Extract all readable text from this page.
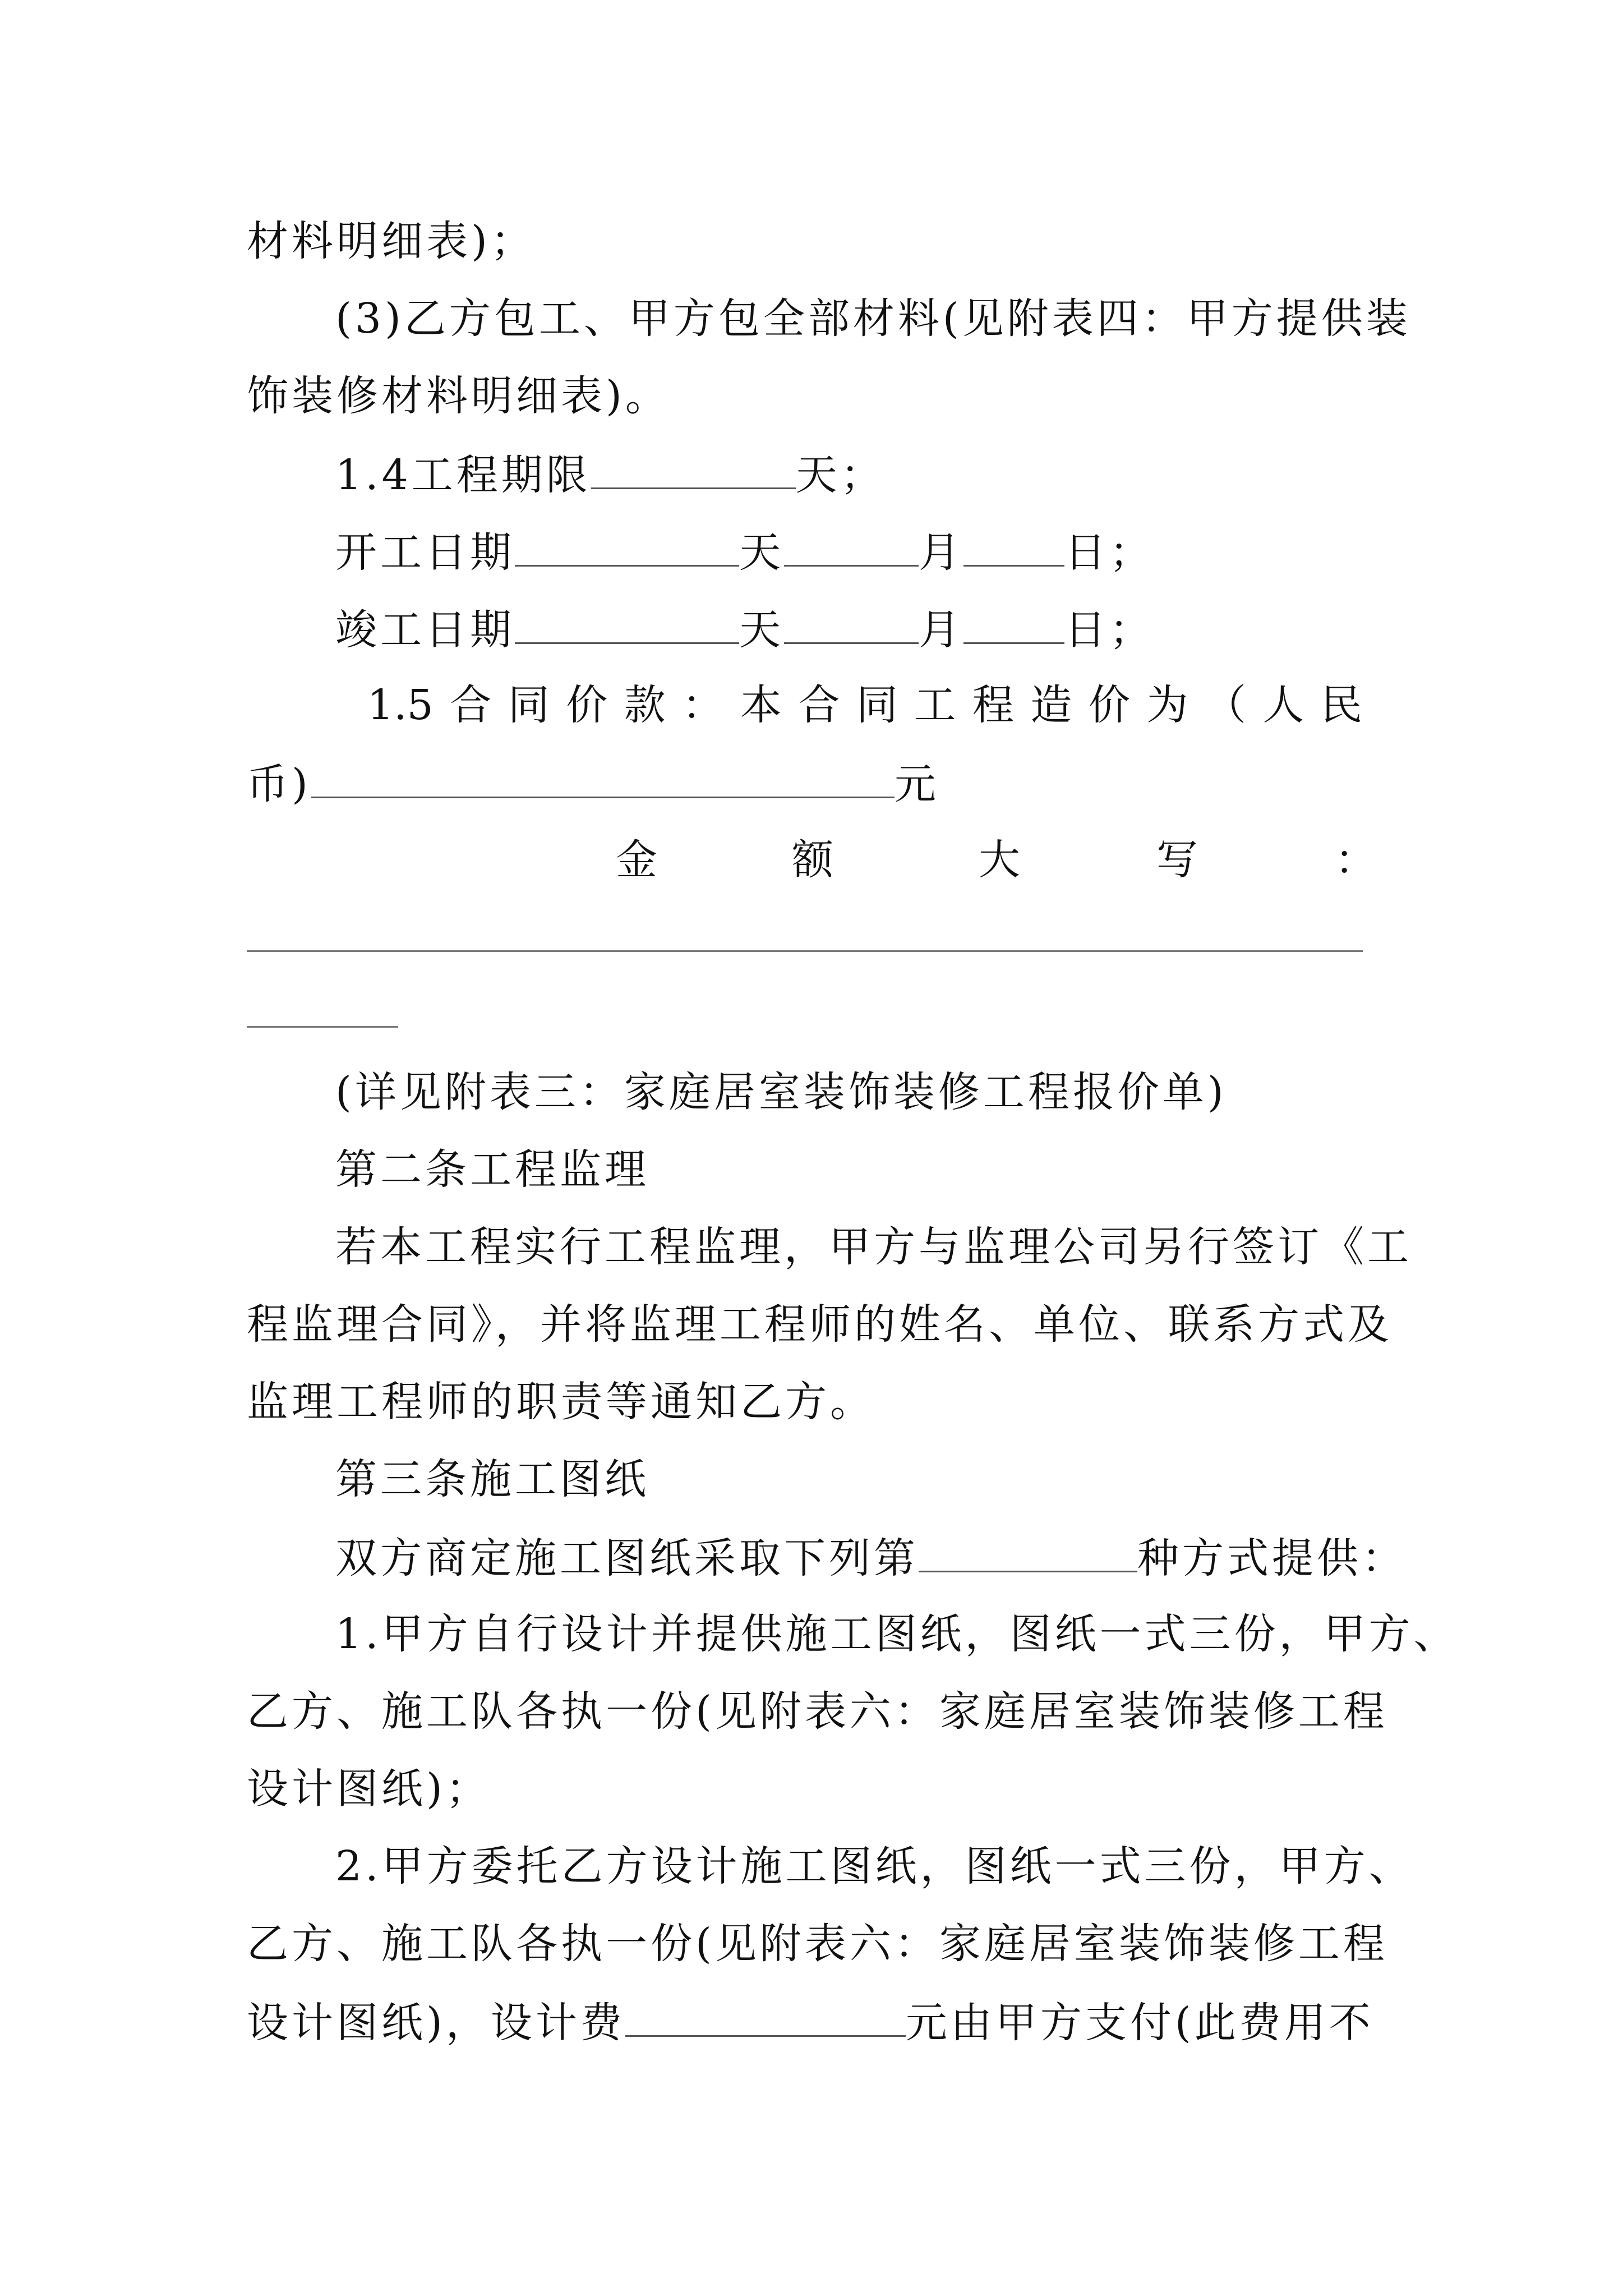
材料明细表)；
(3)乙方包工、甲方包全部材料(见附表四：甲方提供装
饰装修材料明细表)。
1.4工程期限	天；
开工日期	天	月 日；
竣工日期	天	月 日；
1.5 合 同 价 款 ： 本 合 同 工 程 造 价 为 （ 人 民
币)	元
金	额	大	写	：
(详见附表三：家庭居室装饰装修工程报价单)
第二条工程监理
若本工程实行工程监理，甲方与监理公司另行签订《工
程监理合同》，并将监理工程师的姓名、单位、联系方式及
监理工程师的职责等通知乙方。
第三条施工图纸
双方商定施工图纸采取下列第	种方式提供：
1.甲方自行设计并提供施工图纸，图纸一式三份，甲方、
乙方、施工队各执一份(见附表六：家庭居室装饰装修工程
设计图纸)；
2.甲方委托乙方设计施工图纸，图纸一式三份，甲方、
乙方、施工队各执一份(见附表六：家庭居室装饰装修工程
设计图纸)，设计费	元由甲方支付(此费用不
